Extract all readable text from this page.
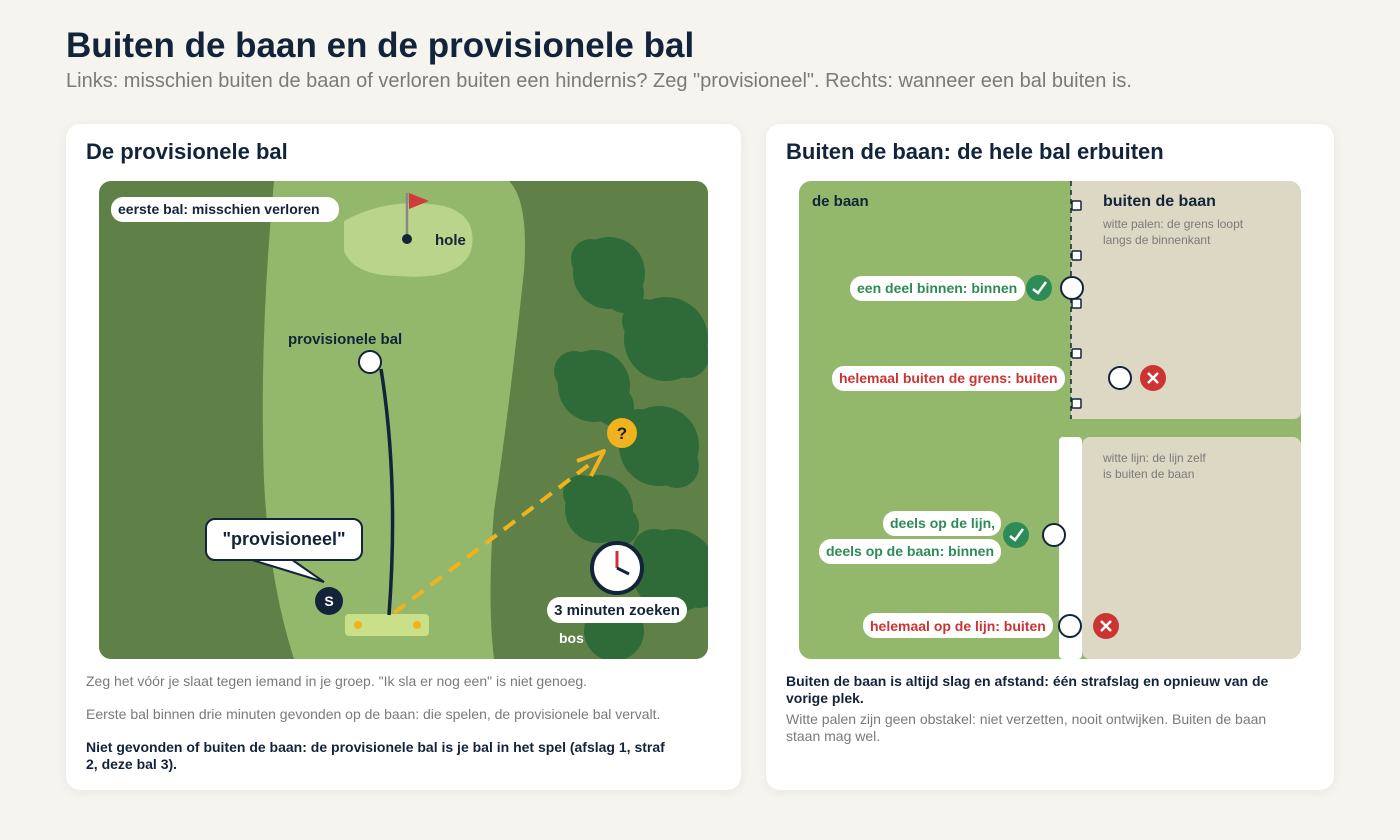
Buiten de baan en de provisionele bal
Links: misschien buiten de baan of verloren buiten een hindernis? Zeg "provisioneel". Rechts: wanneer een bal buiten is.
De provisionele bal
?
"provisioneel"
S
eerste bal: misschien verloren
hole
provisionele bal
3 minuten zoeken
bos
Zeg het vóór je slaat tegen iemand in je groep. "Ik sla er nog een" is niet genoeg.
Eerste bal binnen drie minuten gevonden op de baan: die spelen, de provisionele bal vervalt.
Niet gevonden of buiten de baan: de provisionele bal is je bal in het spel (afslag 1, straf 2, deze bal 3).
Buiten de baan: de hele bal erbuiten
de baan	buiten de baan
witte palen: de grens loopt
langs de binnenkant
witte lijn: de lijn zelf
is buiten de baan
een deel binnen: binnen
helemaal buiten de grens: buiten
deels op de lijn,
deels op de baan: binnen
helemaal op de lijn: buiten
Buiten de baan is altijd slag en afstand: één strafslag en opnieuw van de vorige plek.
Witte palen zijn geen obstakel: niet verzetten, nooit ontwijken. Buiten de baan staan mag wel.
